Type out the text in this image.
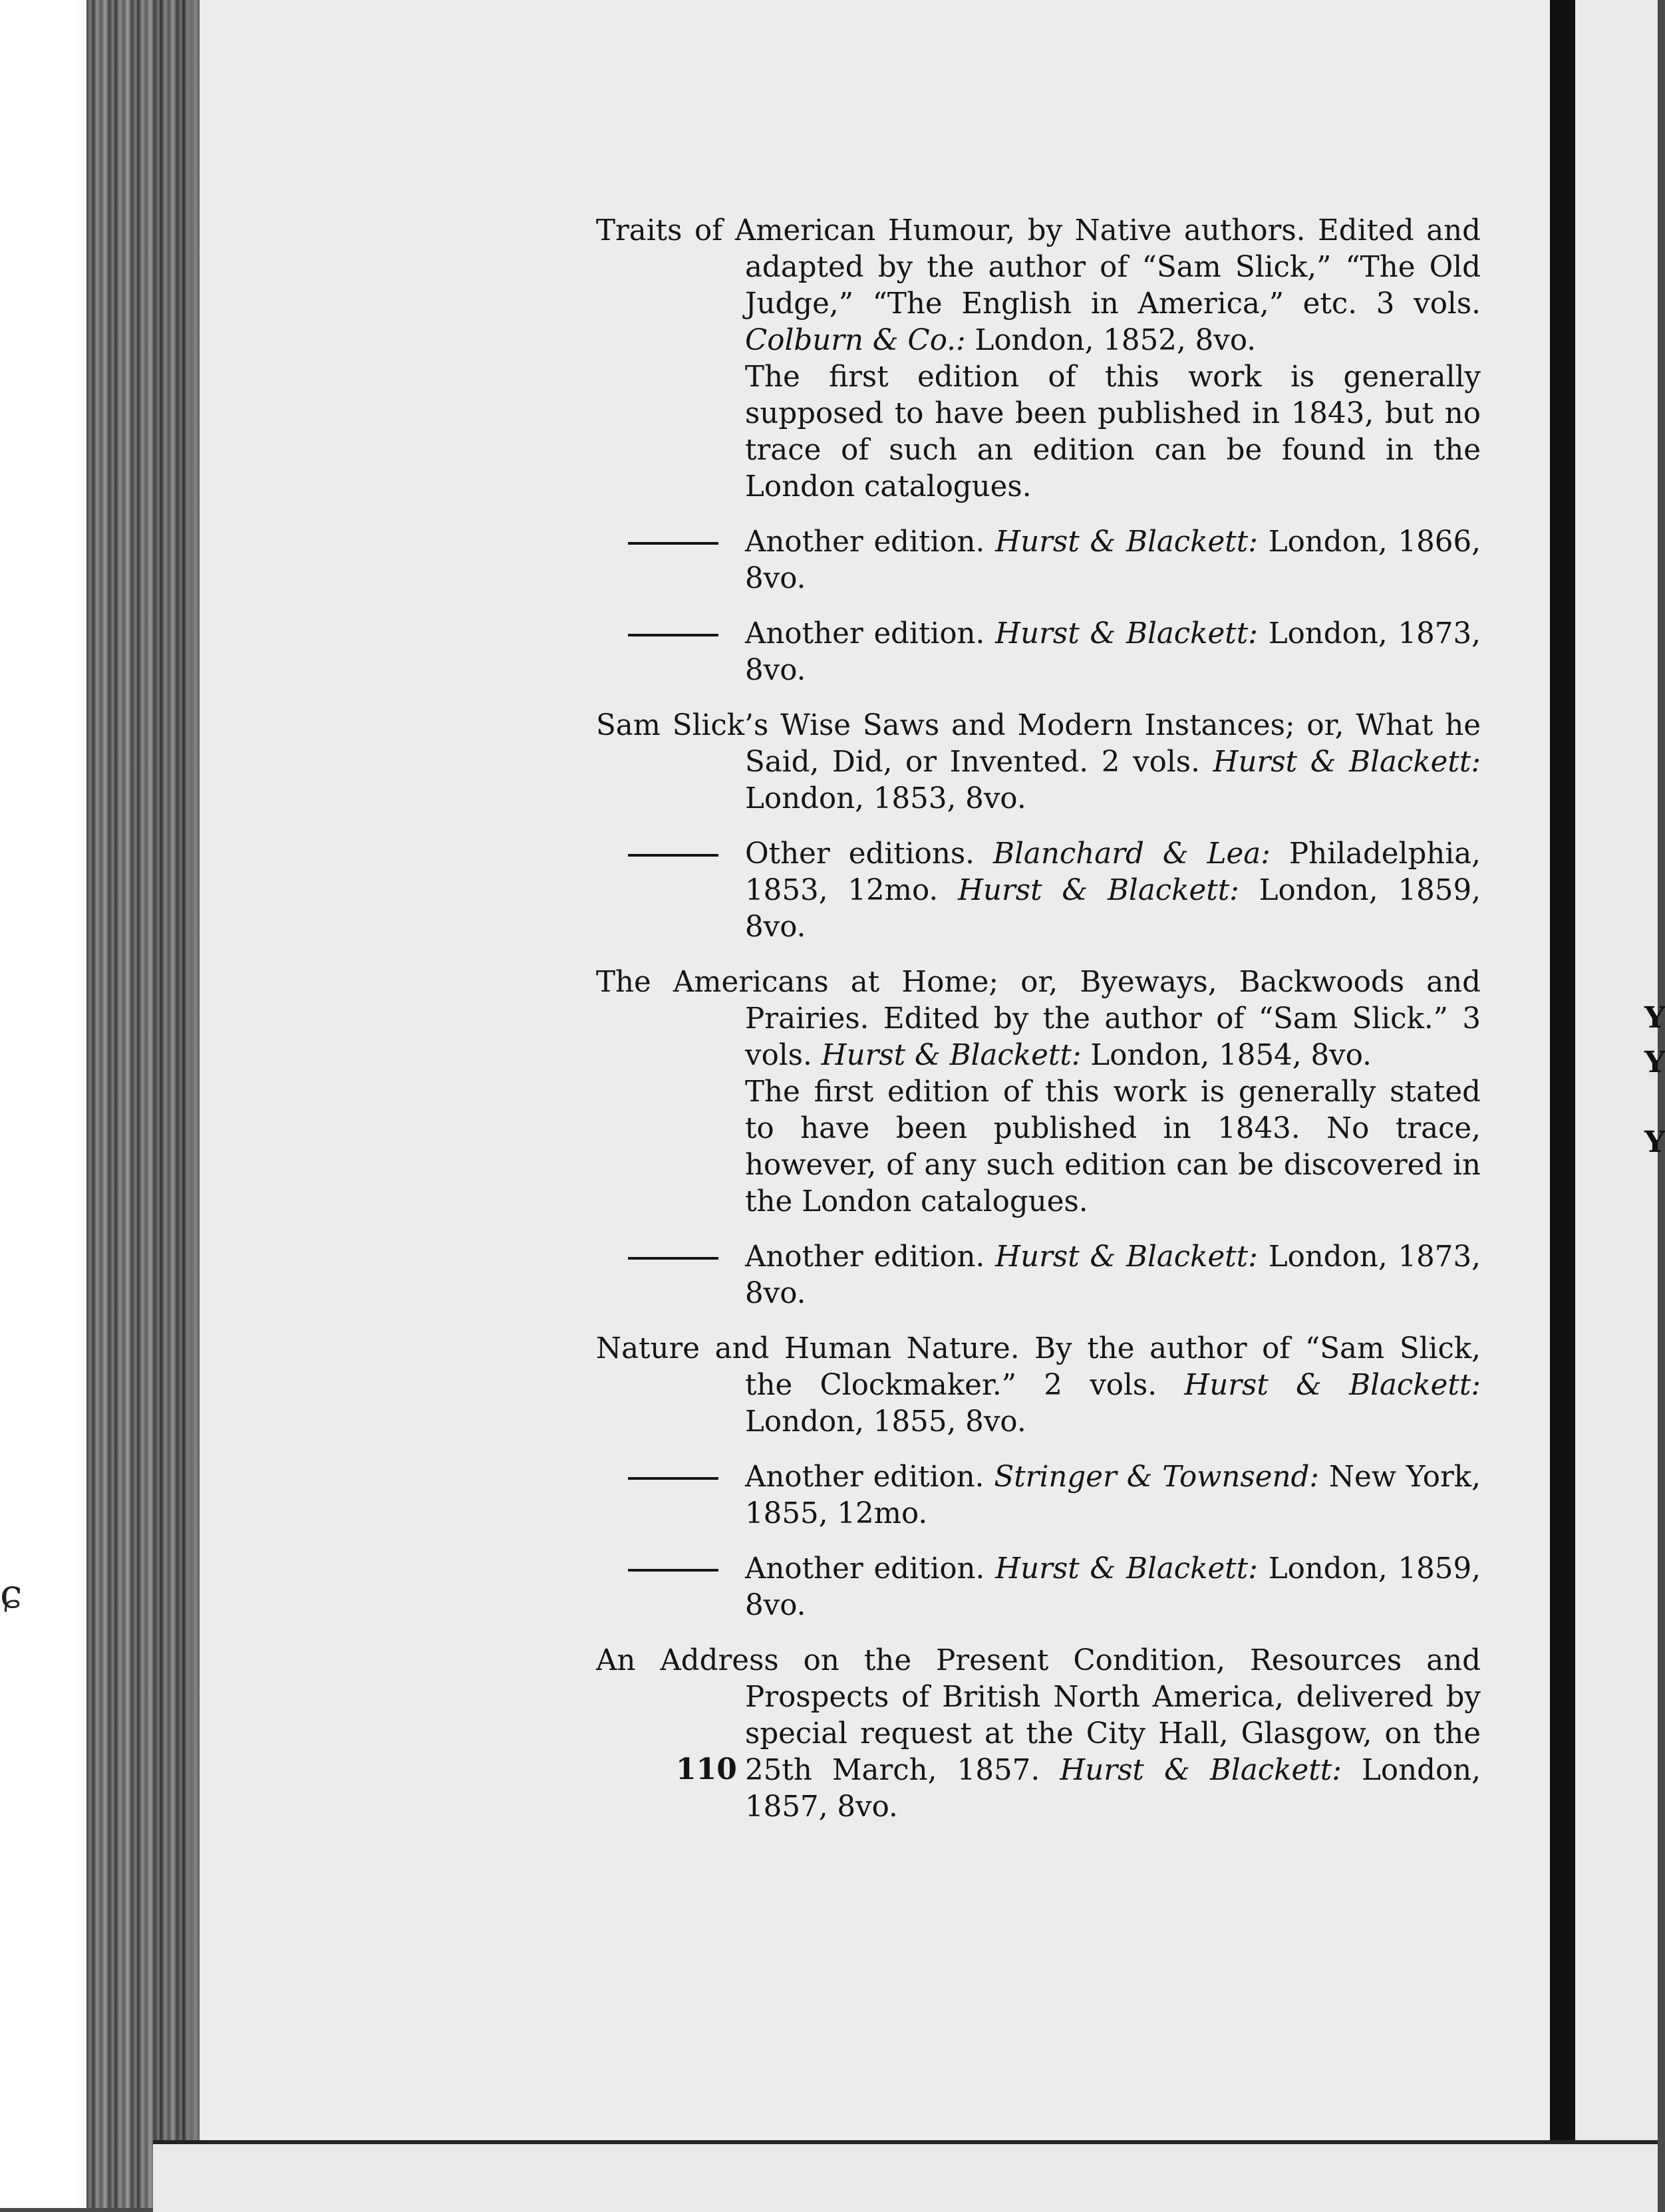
Y
Y
Y
ɕ
Traits of American Humour, by Native authors. Edited and adapted by the author of “Sam Slick,” “The Old Judge,” “The English in America,” etc. 3 vols. Colburn & Co.: London, 1852, 8vo.
The first edition of this work is generally supposed to have been published in 1843, but no trace of such an edition can be found in the London catalogues.
Another edition. Hurst & Blackett: London, 1866, 8vo.
Another edition. Hurst & Blackett: London, 1873, 8vo.
Sam Slick’s Wise Saws and Modern Instances; or, What he Said, Did, or Invented. 2 vols. Hurst & Blackett: London, 1853, 8vo.
Other editions. Blanchard & Lea: Philadelphia, 1853, 12mo. Hurst & Blackett: London, 1859, 8vo.
The Americans at Home; or, Byeways, Backwoods and Prairies. Edited by the author of “Sam Slick.” 3 vols. Hurst & Blackett: London, 1854, 8vo.
The first edition of this work is generally stated to have been published in 1843. No trace, however, of any such edition can be discovered in the London catalogues.
Another edition. Hurst & Blackett: London, 1873, 8vo.
Nature and Human Nature. By the author of “Sam Slick, the Clockmaker.” 2 vols. Hurst & Blackett: London, 1855, 8vo.
Another edition. Stringer & Townsend: New York, 1855, 12mo.
Another edition. Hurst & Blackett: London, 1859, 8vo.
An Address on the Present Condition, Resources and Prospects of British North America, delivered by special request at the City Hall, Glasgow, on the 25th March, 1857. Hurst & Blackett: London, 1857, 8vo.
110
